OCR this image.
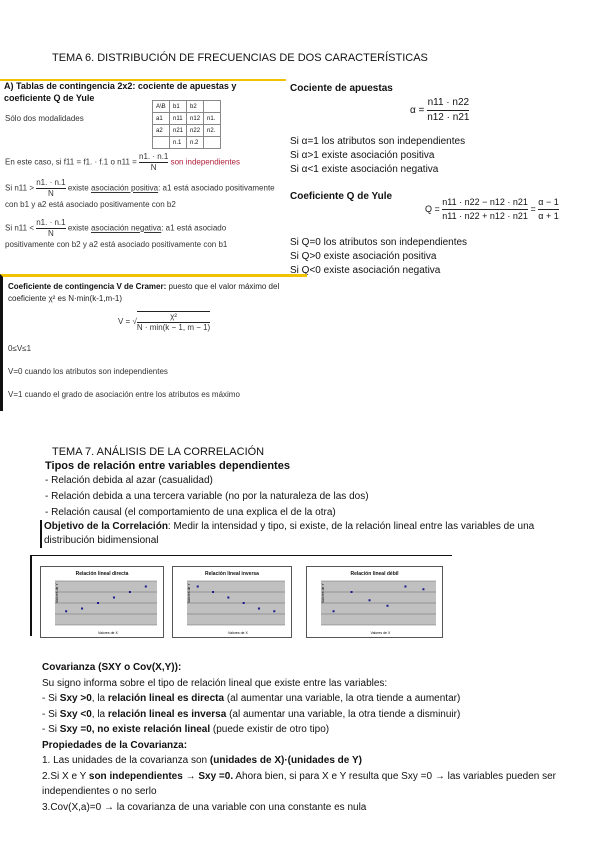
TEMA 6. DISTRIBUCIÓN DE FRECUENCIAS DE DOS CARACTERÍSTICAS
A) Tablas de contingencia 2x2: cociente de apuestas y coeficiente Q de Yule
Sólo dos modalidades
A\B	b1	b2	
a1	n11	n12	n1.
a2	n21	n22	n2.
	n.1	n.2	
En este caso, si f11 = f1. · f.1 o $n11 = \frac{n1. \cdot n.1}{N}$ son independientes
Si $n11 > \frac{n1. \cdot n.1}{N}$ existe asociación positiva: a1 está asociado positivamente con b1 y a2 está asociado positivamente con b2
Si $n11 < \frac{n1. \cdot n.1}{N}$ existe asociación negativa: a1 está asociado positivamente con b2 y a2 está asociado positivamente con b1
Cociente de apuestas
$\alpha = \frac{n11 \cdot n22}{n12 \cdot n21}$
Si α=1 los atributos son independientes
Si α>1 existe asociación positiva
Si α<1 existe asociación negativa
Coeficiente Q de Yule
$Q = \frac{n11 \cdot n22 - n12 \cdot n21}{n11 \cdot n22 + n12 \cdot n21} = \frac{\alpha - 1}{\alpha + 1}$
Si Q=0 los atributos son independientes
Si Q>0 existe asociación positiva
Si Q<0 existe asociación negativa
Coeficiente de contingencia V de Cramer: puesto que el valor máximo del coeficiente χ² es N·min(k-1,m-1)
V = √ $\frac{\text{χ²}}{N \cdot \min(k - 1, m - 1)}$
0≤V≤1
V=0 cuando los atributos son independientes
V=1 cuando el grado de asociación entre los atributos es máximo
TEMA 7. ANÁLISIS DE LA CORRELACIÓN
Tipos de relación entre variables dependientes
- Relación debida al azar (casualidad)
- Relación debida a una tercera variable (no por la naturaleza de las dos)
- Relación causal (el comportamiento de una explica el de la otra)
Objetivo de la Correlación: Medir la intensidad y tipo, si existe, de la relación lineal entre las variables de una distribución bidimensional
Relación lineal directa
Valores de Y
Valores de X
Relación lineal inversa
Valores de Y
Valores de X
Relación lineal débil
Valores de Y
Valores de X
Covarianza (SXY o Cov(X,Y)):
Su signo informa sobre el tipo de relación lineal que existe entre las variables:
- Si Sxy >0, la relación lineal es directa (al aumentar una variable, la otra tiende a aumentar)
- Si Sxy <0, la relación lineal es inversa (al aumentar una variable, la otra tiende a disminuir)
- Si Sxy =0, no existe relación lineal (puede existir de otro tipo)
Propiedades de la Covarianza:
1. Las unidades de la covarianza son (unidades de X)·(unidades de Y)
2.Si X e Y son independientes → Sxy =0. Ahora bien, si para X e Y resulta que Sxy =0 → las variables pueden ser independientes o no serlo
3.Cov(X,a)=0 → la covarianza de una variable con una constante es nula
